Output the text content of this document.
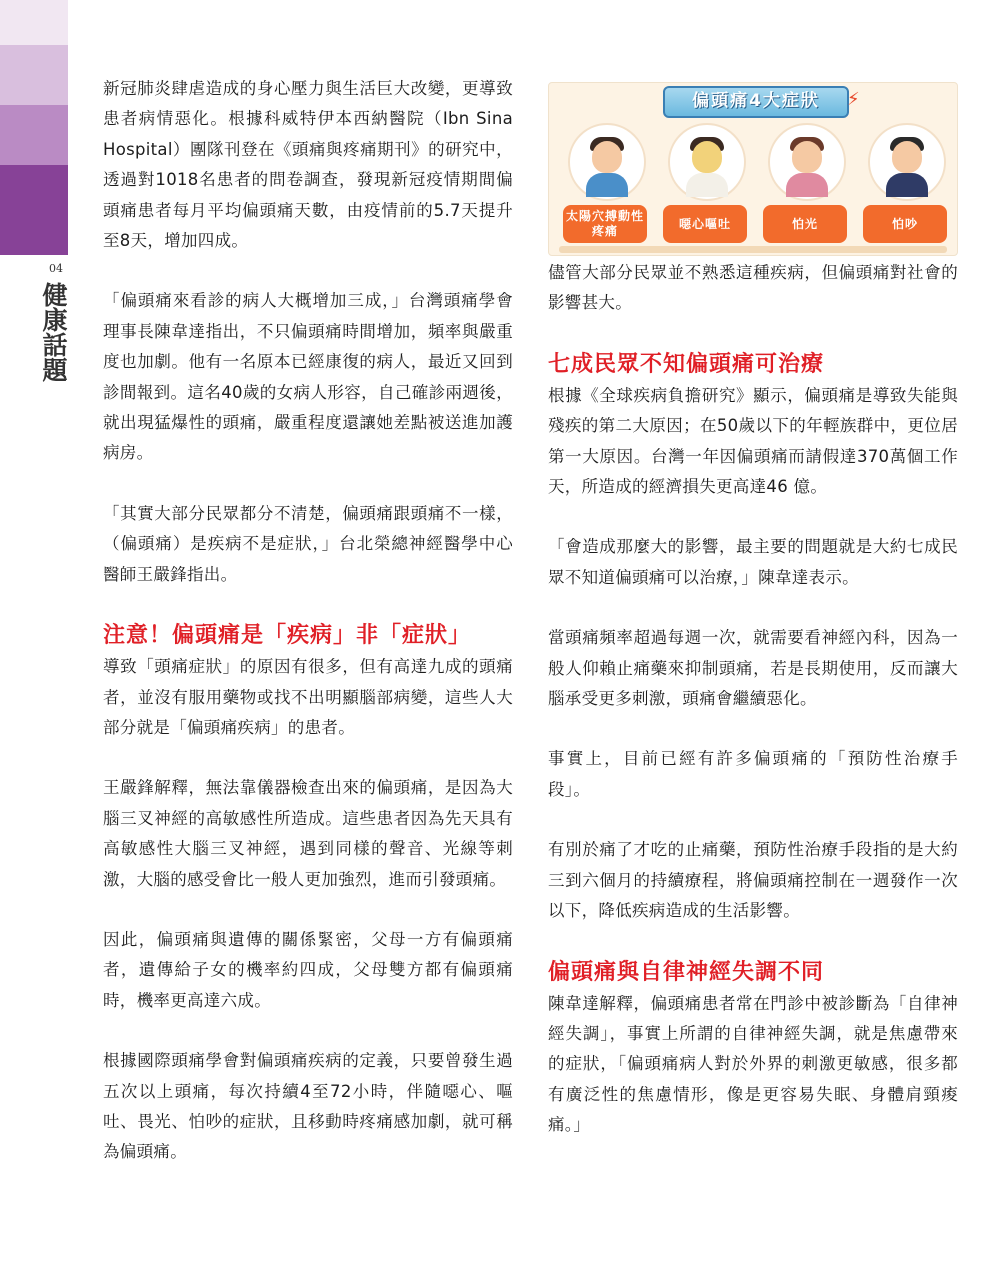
04
健康話題

新冠肺炎肆虐造成的身心壓力與生活巨大改變，更導致患者病情惡化。根據科威特伊本西納醫院（Ibn Sina Hospital）團隊刊登在《頭痛與疼痛期刊》的研究中，透過對1018名患者的問卷調查，發現新冠疫情期間偏頭痛患者每月平均偏頭痛天數，由疫情前的5.7天提升至8天，增加四成。

「偏頭痛來看診的病人大概增加三成，」台灣頭痛學會理事長陳韋達指出，不只偏頭痛時間增加，頻率與嚴重度也加劇。他有一名原本已經康復的病人，最近又回到診間報到。這名40歲的女病人形容，自己確診兩週後，就出現猛爆性的頭痛，嚴重程度還讓她差點被送進加護病房。

「其實大部分民眾都分不清楚，偏頭痛跟頭痛不一樣，（偏頭痛）是疾病不是症狀，」台北榮總神經醫學中心醫師王嚴鋒指出。

注意！偏頭痛是「疾病」非「症狀」

導致「頭痛症狀」的原因有很多，但有高達九成的頭痛者，並沒有服用藥物或找不出明顯腦部病變，這些人大部分就是「偏頭痛疾病」的患者。

王嚴鋒解釋，無法靠儀器檢查出來的偏頭痛，是因為大腦三叉神經的高敏感性所造成。這些患者因為先天具有高敏感性大腦三叉神經，遇到同樣的聲音、光線等刺激，大腦的感受會比一般人更加強烈，進而引發頭痛。

因此，偏頭痛與遺傳的關係緊密，父母一方有偏頭痛者，遺傳給子女的機率約四成，父母雙方都有偏頭痛時，機率更高達六成。

根據國際頭痛學會對偏頭痛疾病的定義，只要曾發生過五次以上頭痛，每次持續4至72小時，伴隨噁心、嘔吐、畏光、怕吵的症狀，且移動時疼痛感加劇，就可稱為偏頭痛。

偏頭痛4大症狀	⚡
太陽穴搏動性疼痛
噁心嘔吐	怕光	怕吵

儘管大部分民眾並不熟悉這種疾病，但偏頭痛對社會的影響甚大。

七成民眾不知偏頭痛可治療

根據《全球疾病負擔研究》顯示，偏頭痛是導致失能與殘疾的第二大原因；在50歲以下的年輕族群中，更位居第一大原因。台灣一年因偏頭痛而請假達370萬個工作天，所造成的經濟損失更高達46 億。

「會造成那麼大的影響，最主要的問題就是大約七成民眾不知道偏頭痛可以治療，」陳韋達表示。

當頭痛頻率超過每週一次，就需要看神經內科，因為一般人仰賴止痛藥來抑制頭痛，若是長期使用，反而讓大腦承受更多刺激，頭痛會繼續惡化。

事實上，目前已經有許多偏頭痛的「預防性治療手段」。

有別於痛了才吃的止痛藥，預防性治療手段指的是大約三到六個月的持續療程，將偏頭痛控制在一週發作一次以下，降低疾病造成的生活影響。

偏頭痛與自律神經失調不同

陳韋達解釋，偏頭痛患者常在門診中被診斷為「自律神經失調」，事實上所謂的自律神經失調，就是焦慮帶來的症狀，「偏頭痛病人對於外界的刺激更敏感，很多都有廣泛性的焦慮情形，像是更容易失眠、身體肩頸痠痛。」
